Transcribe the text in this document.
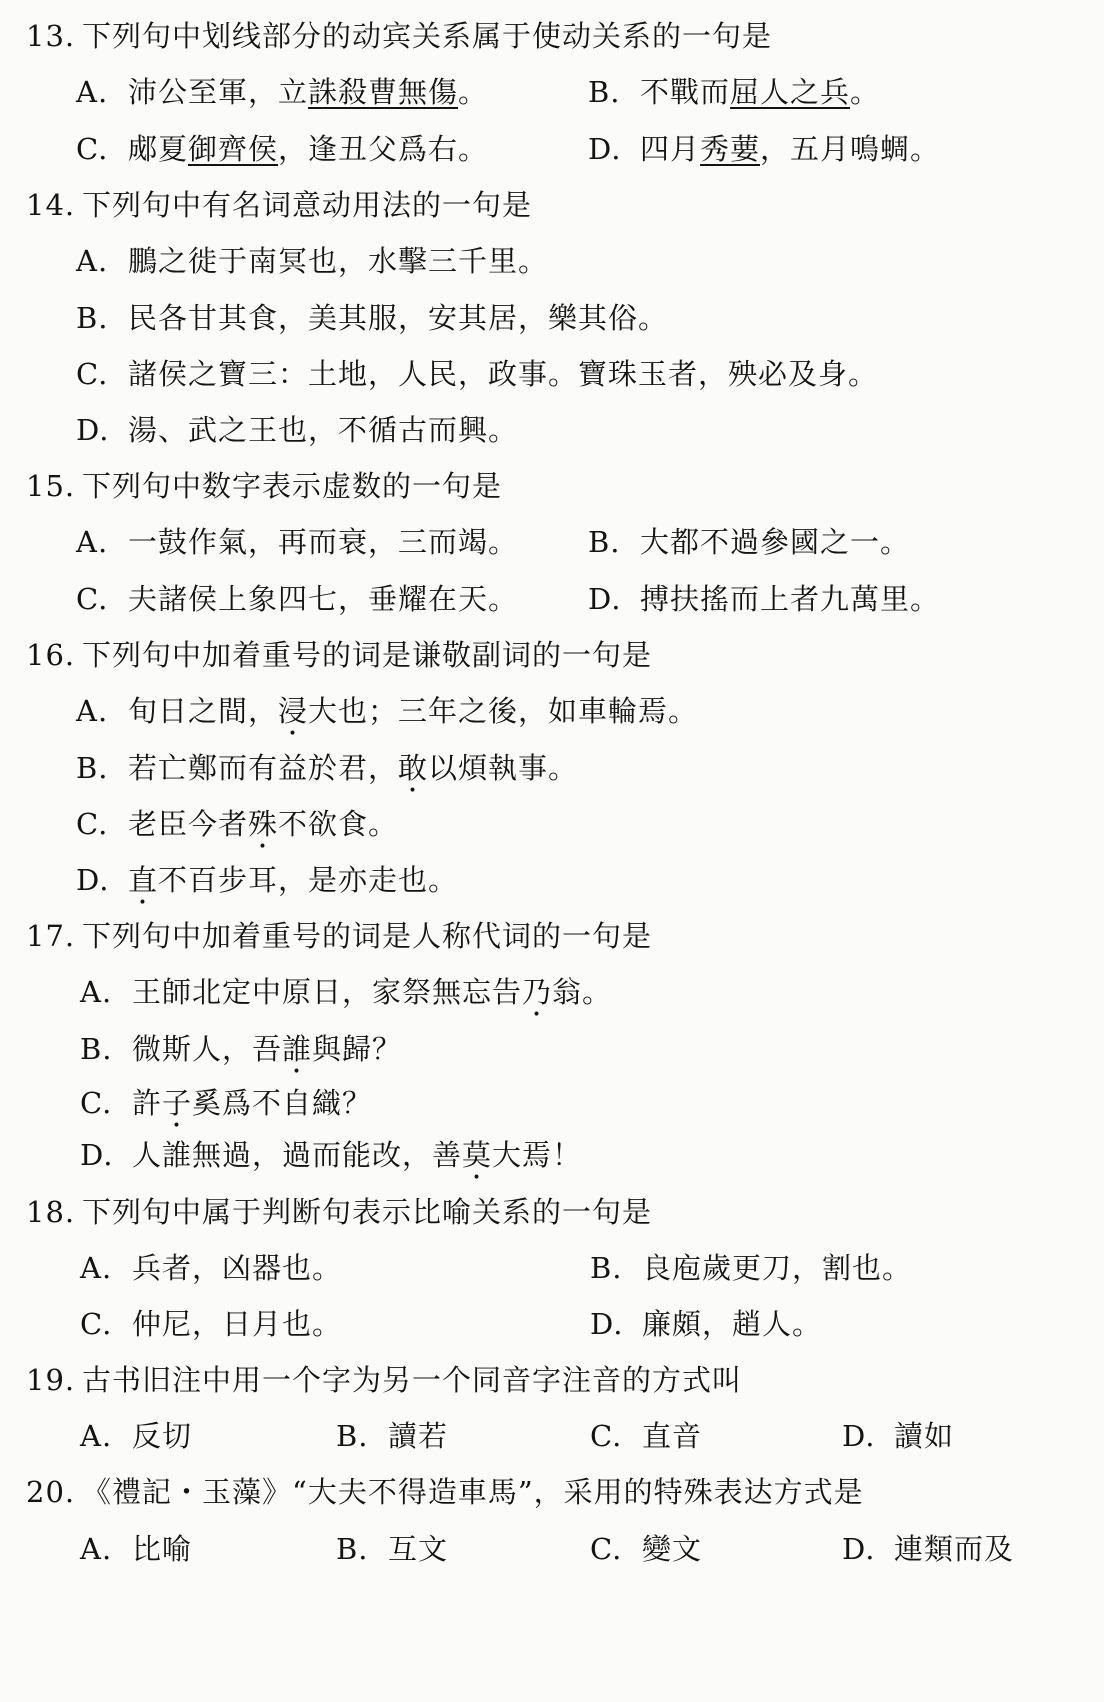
13. 下列句中划线部分的动宾关系属于使动关系的一句是
A. 沛公至軍，立誅殺曹無傷。	B. 不戰而屈人之兵。
C. 郕夏御齊侯，逢丑父爲右。	D. 四月秀葽，五月鳴蜩。
14. 下列句中有名词意动用法的一句是
A. 鵬之徙于南冥也，水擊三千里。
B. 民各甘其食，美其服，安其居，樂其俗。
C. 諸侯之寶三：土地，人民，政事。寶珠玉者，殃必及身。
D. 湯、武之王也，不循古而興。
15. 下列句中数字表示虚数的一句是
A. 一鼓作氣，再而衰，三而竭。 B. 大都不過參國之一。
C. 夫諸侯上象四七，垂耀在天。 D. 搏扶搖而上者九萬里。
16. 下列句中加着重号的词是谦敬副词的一句是
A. 旬日之間，浸大也；三年之後，如車輪焉。
B. 若亡鄭而有益於君，敢以煩執事。
C. 老臣今者殊不欲食。
D. 直不百步耳，是亦走也。
17. 下列句中加着重号的词是人称代词的一句是
A. 王師北定中原日，家祭無忘告乃翁。
B. 微斯人，吾誰與歸？
C. 許子奚爲不自織？
D. 人誰無過，過而能改，善莫大焉！
18. 下列句中属于判断句表示比喻关系的一句是
A. 兵者，凶器也。	B. 良庖歲更刀，割也。
C. 仲尼，日月也。	D. 廉頗，趙人。
19. 古书旧注中用一个字为另一个同音字注音的方式叫
A. 反切	B. 讀若	C. 直音	D. 讀如
20. 《禮記・玉藻》“大夫不得造車馬”，采用的特殊表达方式是
A. 比喻	B. 互文	C. 變文	D. 連類而及
